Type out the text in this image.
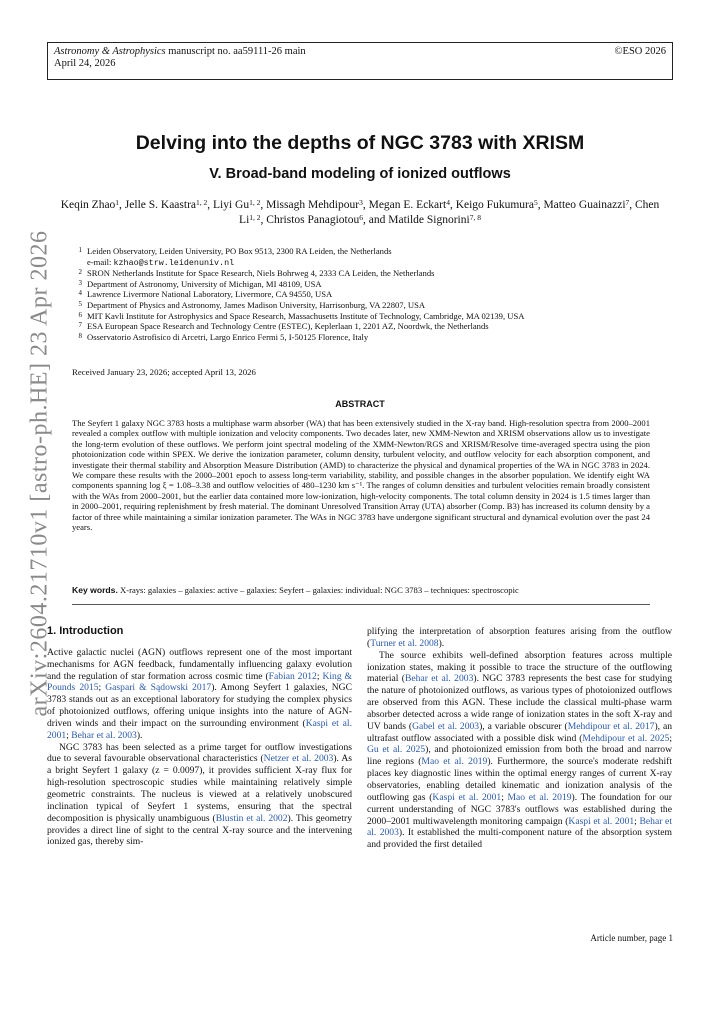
Astronomy & Astrophysics manuscript no. aa59111-26 main
April 24, 2026
©ESO 2026
arXiv:2604.21710v1 [astro-ph.HE] 23 Apr 2026
Delving into the depths of NGC 3783 with XRISM
V. Broad-band modeling of ionized outflows
Keqin Zhao$^1$, Jelle S. Kaastra$^{1, 2}$, Liyi Gu$^{1, 2}$, Missagh Mehdipour$^3$, Megan E. Eckart$^4$, Keigo Fukumura$^5$, Matteo Guainazzi$^7$, Chen Li$^{1, 2}$, Christos Panagiotou$^6$, and Matilde Signorini$^{7, 8}$
1 Leiden Observatory, Leiden University, PO Box 9513, 2300 RA Leiden, the Netherlands
e-mail: kzhao@strw.leidenuniv.nl
2 SRON Netherlands Institute for Space Research, Niels Bohrweg 4, 2333 CA Leiden, the Netherlands
3 Department of Astronomy, University of Michigan, MI 48109, USA
4 Lawrence Livermore National Laboratory, Livermore, CA 94550, USA
5 Department of Physics and Astronomy, James Madison University, Harrisonburg, VA 22807, USA
6 MIT Kavli Institute for Astrophysics and Space Research, Massachusetts Institute of Technology, Cambridge, MA 02139, USA
7 ESA European Space Research and Technology Centre (ESTEC), Keplerlaan 1, 2201 AZ, Noordwk, the Netherlands
8 Osservatorio Astrofisico di Arcetri, Largo Enrico Fermi 5, I-50125 Florence, Italy
Received January 23, 2026; accepted April 13, 2026
ABSTRACT
The Seyfert 1 galaxy NGC 3783 hosts a multiphase warm absorber (WA) that has been extensively studied in the X-ray band. High-resolution spectra from 2000–2001 revealed a complex outflow with multiple ionization and velocity components. Two decades later, new XMM-Newton and XRISM observations allow us to investigate the long-term evolution of these outflows. We perform joint spectral modeling of the XMM-Newton/RGS and XRISM/Resolve time-averaged spectra using the pion photoionization code within SPEX. We derive the ionization parameter, column density, turbulent velocity, and outflow velocity for each absorption component, and investigate their thermal stability and Absorption Measure Distribution (AMD) to characterize the physical and dynamical properties of the WA in NGC 3783 in 2024. We compare these results with the 2000–2001 epoch to assess long-term variability, stability, and possible changes in the absorber population. We identify eight WA components spanning log ξ = 1.08–3.38 and outflow velocities of 480–1230 km s⁻¹. The ranges of column densities and turbulent velocities remain broadly consistent with the WAs from 2000–2001, but the earlier data contained more low-ionization, high-velocity components. The total column density in 2024 is 1.5 times larger than in 2000–2001, requiring replenishment by fresh material. The dominant Unresolved Transition Array (UTA) absorber (Comp. B3) has increased its column density by a factor of three while maintaining a similar ionization parameter. The WAs in NGC 3783 have undergone significant structural and dynamical evolution over the past 24 years.
Key words. X-rays: galaxies – galaxies: active – galaxies: Seyfert – galaxies: individual: NGC 3783 – techniques: spectroscopic
1. Introduction

Active galactic nuclei (AGN) outflows represent one of the most important mechanisms for AGN feedback, fundamentally influencing galaxy evolution and the regulation of star formation across cosmic time (Fabian 2012; King & Pounds 2015; Gaspari & Sądowski 2017). Among Seyfert 1 galaxies, NGC 3783 stands out as an exceptional laboratory for studying the complex physics of photoionized outflows, offering unique insights into the nature of AGN-driven winds and their impact on the surrounding environment (Kaspi et al. 2001; Behar et al. 2003).

NGC 3783 has been selected as a prime target for outflow investigations due to several favourable observational characteristics (Netzer et al. 2003). As a bright Seyfert 1 galaxy (z = 0.0097), it provides sufficient X-ray flux for high-resolution spectroscopic studies while maintaining relatively simple geometric constraints. The nucleus is viewed at a relatively unobscured inclination typical of Seyfert 1 systems, ensuring that the spectral decomposition is physically unambiguous (Blustin et al. 2002). This geometry provides a direct line of sight to the central X-ray source and the intervening ionized gas, thereby sim-

plifying the interpretation of absorption features arising from the outflow (Turner et al. 2008).

The source exhibits well-defined absorption features across multiple ionization states, making it possible to trace the structure of the outflowing material (Behar et al. 2003). NGC 3783 represents the best case for studying the nature of photoionized outflows, as various types of photoionized outflows are observed from this AGN. These include the classical multi-phase warm absorber detected across a wide range of ionization states in the soft X-ray and UV bands (Gabel et al. 2003), a variable obscurer (Mehdipour et al. 2017), an ultrafast outflow associated with a possible disk wind (Mehdipour et al. 2025; Gu et al. 2025), and photoionized emission from both the broad and narrow line regions (Mao et al. 2019). Furthermore, the source's moderate redshift places key diagnostic lines within the optimal energy ranges of current X-ray observatories, enabling detailed kinematic and ionization analysis of the outflowing gas (Kaspi et al. 2001; Mao et al. 2019). The foundation for our current understanding of NGC 3783's outflows was established during the 2000–2001 multiwavelength monitoring campaign (Kaspi et al. 2001; Behar et al. 2003). It established the multi-component nature of the absorption system and provided the first detailed

Article number, page 1
